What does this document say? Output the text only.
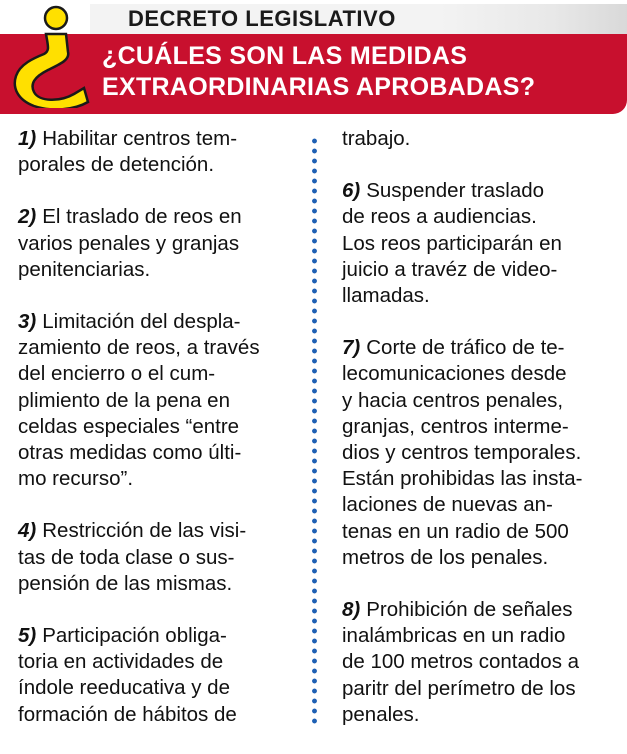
DECRETO LEGISLATIVO
¿CUÁLES SON LAS MEDIDAS
EXTRAORDINARIAS APROBADAS?
1) Habilitar centros tem-
porales de detención.
2) El traslado de reos en
varios penales y granjas
penitenciarias.
3) Limitación del despla-
zamiento de reos, a través
del encierro o el cum-
plimiento de la pena en
celdas especiales “entre
otras medidas como últi-
mo recurso”.
4) Restricción de las visi-
tas de toda clase o sus-
pensión de las mismas.
5) Participación obliga-
toria en actividades de
índole reeducativa y de
formación de hábitos de
trabajo.
6) Suspender traslado
de reos a audiencias.
Los reos participarán en
juicio a travéz de video-
llamadas.
7) Corte de tráfico de te-
lecomunicaciones desde
y hacia centros penales,
granjas, centros interme-
dios y centros temporales.
Están prohibidas las insta-
laciones de nuevas an-
tenas en un radio de 500
metros de los penales.
8) Prohibición de señales
inalámbricas en un radio
de 100 metros contados a
paritr del perímetro de los
penales.
